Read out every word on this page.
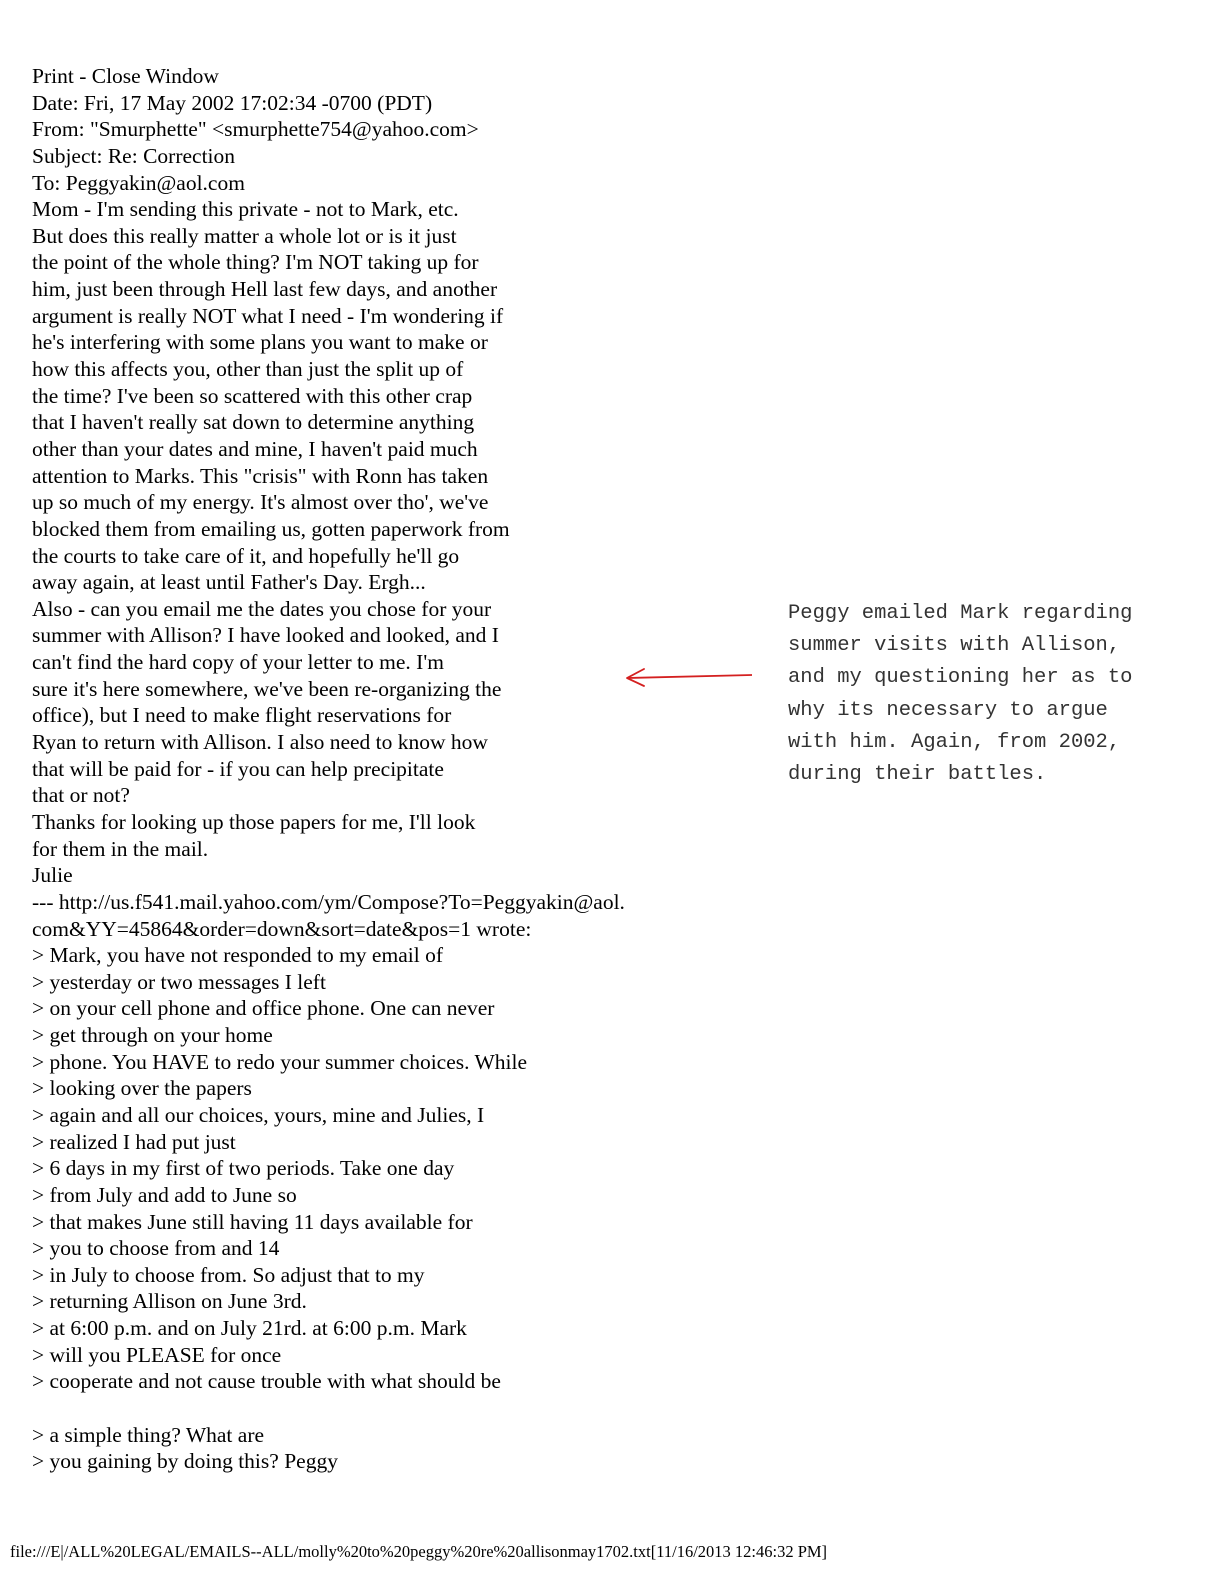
Print - Close Window
Date: Fri, 17 May 2002 17:02:34 -0700 (PDT)
From: "Smurphette" <smurphette754@yahoo.com>
Subject: Re: Correction
To: Peggyakin@aol.com
Mom - I'm sending this private - not to Mark, etc.
But does this really matter a whole lot or is it just
the point of the whole thing? I'm NOT taking up for
him, just been through Hell last few days, and another
argument is really NOT what I need - I'm wondering if
he's interfering with some plans you want to make or
how this affects you, other than just the split up of
the time? I've been so scattered with this other crap
that I haven't really sat down to determine anything
other than your dates and mine, I haven't paid much
attention to Marks. This "crisis" with Ronn has taken
up so much of my energy. It's almost over tho', we've
blocked them from emailing us, gotten paperwork from
the courts to take care of it, and hopefully he'll go
away again, at least until Father's Day. Ergh...
Also - can you email me the dates you chose for your
summer with Allison? I have looked and looked, and I
can't find the hard copy of your letter to me. I'm
sure it's here somewhere, we've been re-organizing the
office), but I need to make flight reservations for
Ryan to return with Allison. I also need to know how
that will be paid for - if you can help precipitate
that or not?
Thanks for looking up those papers for me, I'll look
for them in the mail.
Julie
--- http://us.f541.mail.yahoo.com/ym/Compose?To=Peggyakin@aol.
com&YY=45864&order=down&sort=date&pos=1 wrote:
> Mark, you have not responded to my email of
> yesterday or two messages I left
> on your cell phone and office phone. One can never
> get through on your home
> phone. You HAVE to redo your summer choices. While
> looking over the papers
> again and all our choices, yours, mine and Julies, I
> realized I had put just
> 6 days in my first of two periods. Take one day
> from July and add to June so
> that makes June still having 11 days available for
> you to choose from and 14
> in July to choose from. So adjust that to my
> returning Allison on June 3rd.
> at 6:00 p.m. and on July 21rd. at 6:00 p.m. Mark
> will you PLEASE for once
> cooperate and not cause trouble with what should be
> a simple thing? What are
> you gaining by doing this? Peggy
Peggy emailed Mark regarding
summer visits with Allison,
and my questioning her as to
why its necessary to argue
with him. Again, from 2002,
during their battles.
file:///E|/ALL%20LEGAL/EMAILS--ALL/molly%20to%20peggy%20re%20allisonmay1702.txt[11/16/2013 12:46:32 PM]
